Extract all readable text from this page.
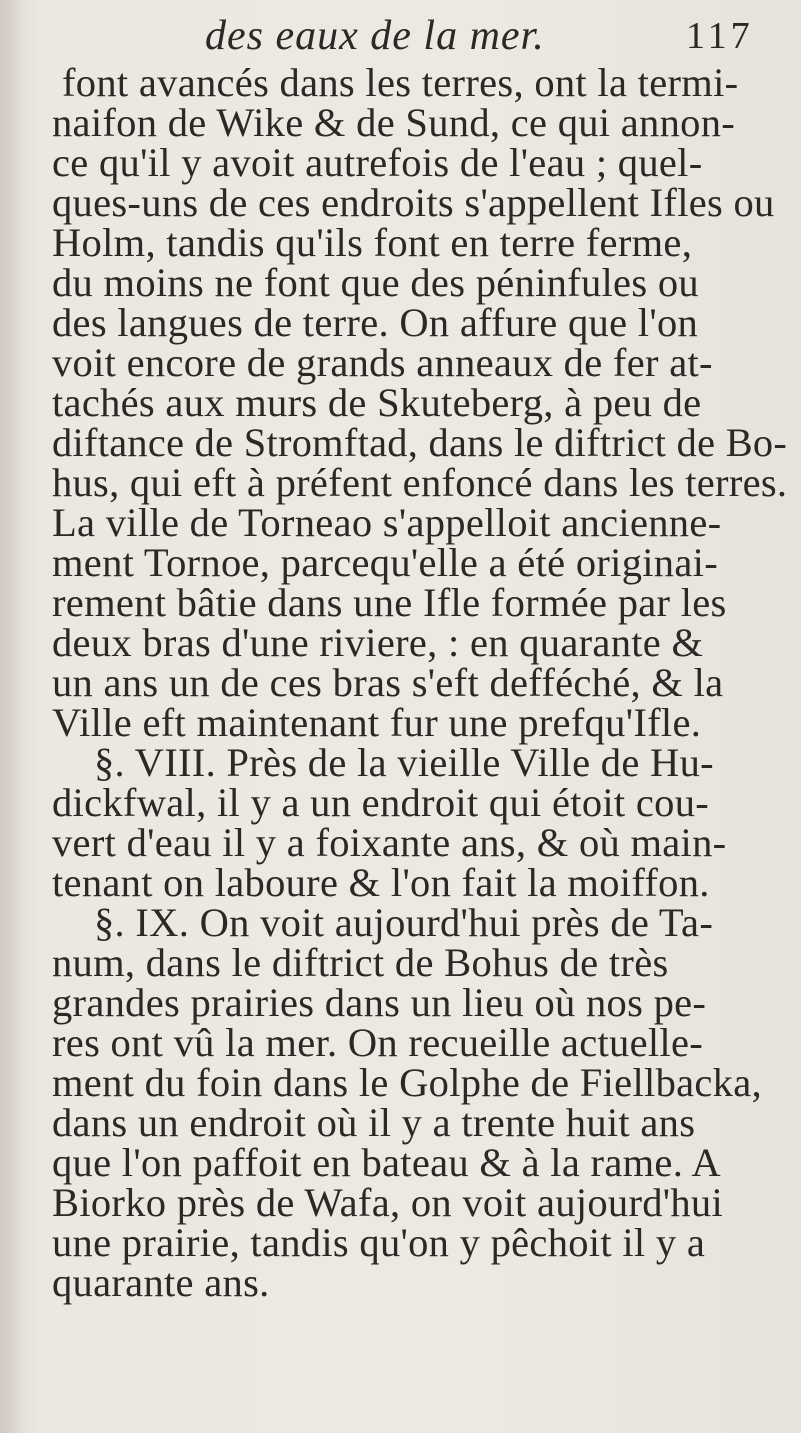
des eaux de la mer.	117
font avancés dans les terres, ont la termi-
naifon de Wike & de Sund, ce qui annon-
ce qu'il y avoit autrefois de l'eau ; quel-
ques-uns de ces endroits s'appellent Ifles ou
Holm, tandis qu'ils font en terre ferme,
du moins ne font que des péninfules ou
des langues de terre. On affure que l'on
voit encore de grands anneaux de fer at-
tachés aux murs de Skuteberg, à peu de
diftance de Stromftad, dans le diftrict de Bo-
hus, qui eft à préfent enfoncé dans les terres.
La ville de Torneao s'appelloit ancienne-
ment Tornoe, parcequ'elle a été originai-
rement bâtie dans une Ifle formée par les
deux bras d'une riviere, : en quarante &
un ans un de ces bras s'eft defféché, & la
Ville eft maintenant fur une prefqu'Ifle.
§. VIII. Près de la vieille Ville de Hu-
dickfwal, il y a un endroit qui étoit cou-
vert d'eau il y a foixante ans, & où main-
tenant on laboure & l'on fait la moiffon.
§. IX. On voit aujourd'hui près de Ta-
num, dans le diftrict de Bohus de très
grandes prairies dans un lieu où nos pe-
res ont vû la mer. On recueille actuelle-
ment du foin dans le Golphe de Fiellbacka,
dans un endroit où il y a trente huit ans
que l'on paffoit en bateau & à la rame. A
Biorko près de Wafa, on voit aujourd'hui
une prairie, tandis qu'on y pêchoit il y a
quarante ans.
